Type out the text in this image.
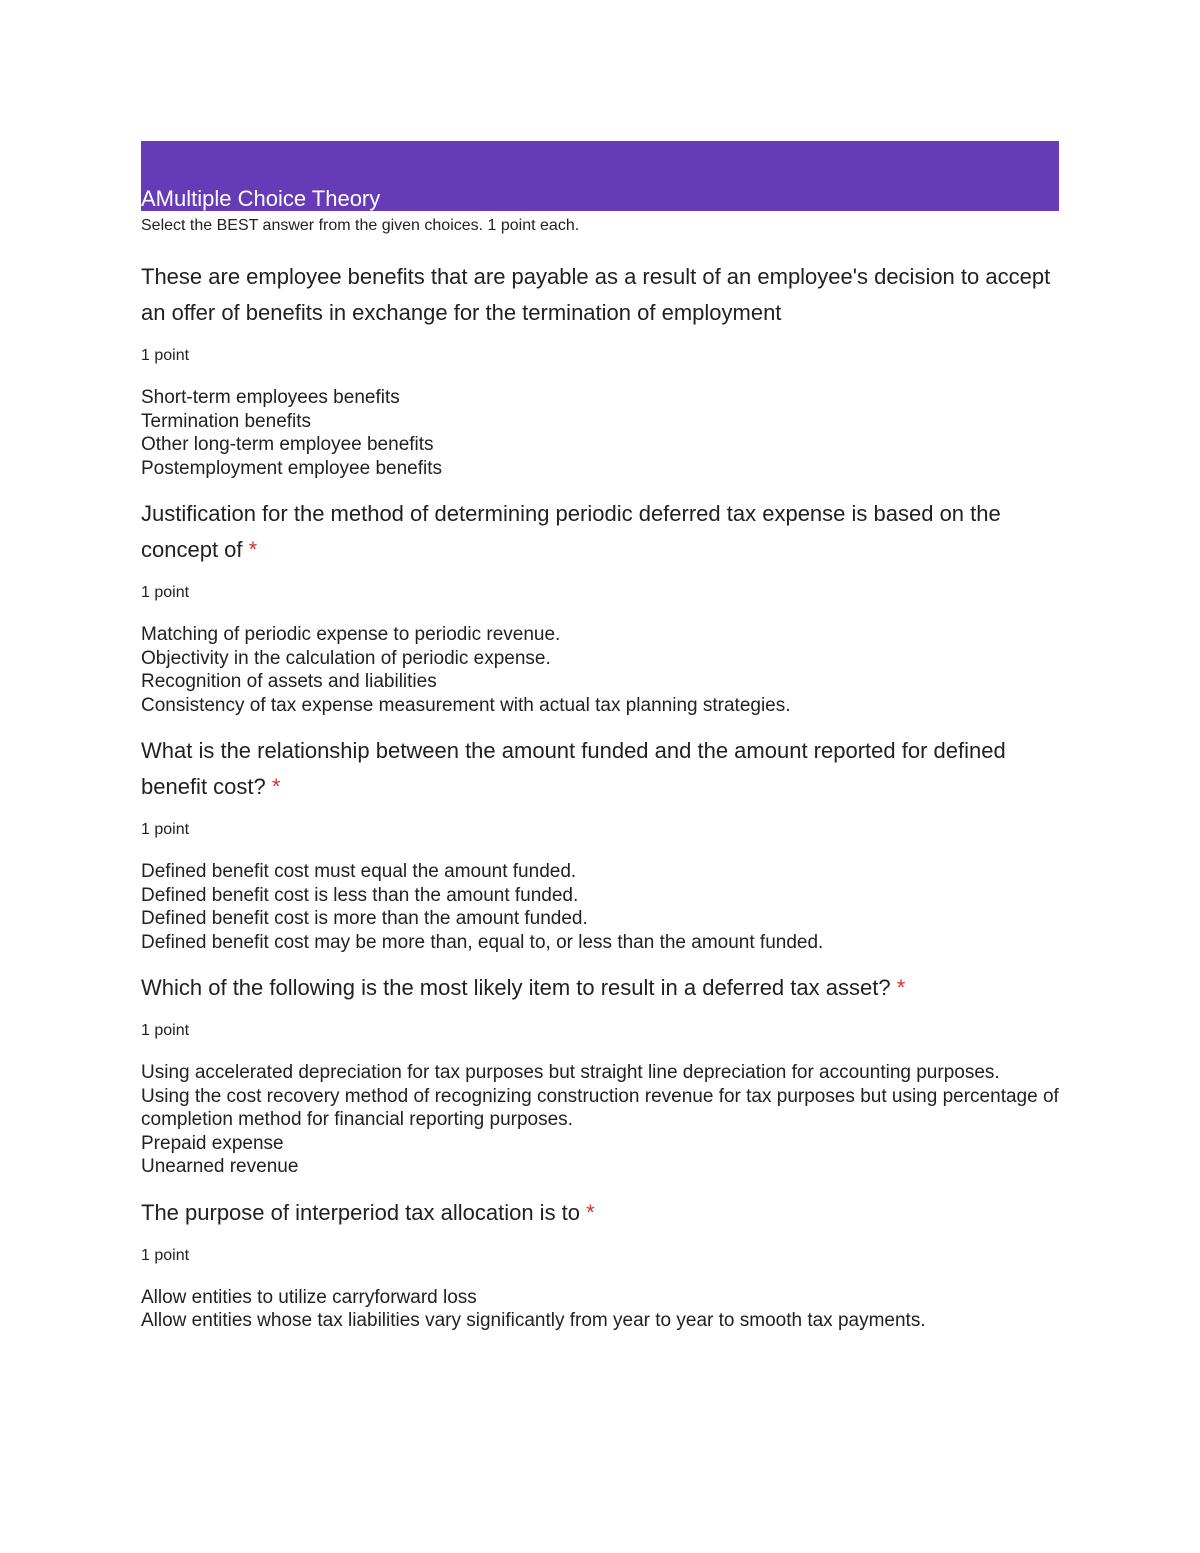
AMultiple Choice Theory
Select the BEST answer from the given choices. 1 point each.

These are employee benefits that are payable as a result of an employee's decision to accept an offer of benefits in exchange for the termination of employment

1 point
Short-term employees benefits
Termination benefits
Other long-term employee benefits
Postemployment employee benefits

Justification for the method of determining periodic deferred tax expense is based on the concept of *

1 point
Matching of periodic expense to periodic revenue.
Objectivity in the calculation of periodic expense.
Recognition of assets and liabilities
Consistency of tax expense measurement with actual tax planning strategies.

What is the relationship between the amount funded and the amount reported for defined benefit cost? *

1 point
Defined benefit cost must equal the amount funded.
Defined benefit cost is less than the amount funded.
Defined benefit cost is more than the amount funded.
Defined benefit cost may be more than, equal to, or less than the amount funded.

Which of the following is the most likely item to result in a deferred tax asset? *

1 point
Using accelerated depreciation for tax purposes but straight line depreciation for accounting purposes.
Using the cost recovery method of recognizing construction revenue for tax purposes but using percentage of completion method for financial reporting purposes.
Prepaid expense
Unearned revenue

The purpose of interperiod tax allocation is to *

1 point
Allow entities to utilize carryforward loss
Allow entities whose tax liabilities vary significantly from year to year to smooth tax payments.
